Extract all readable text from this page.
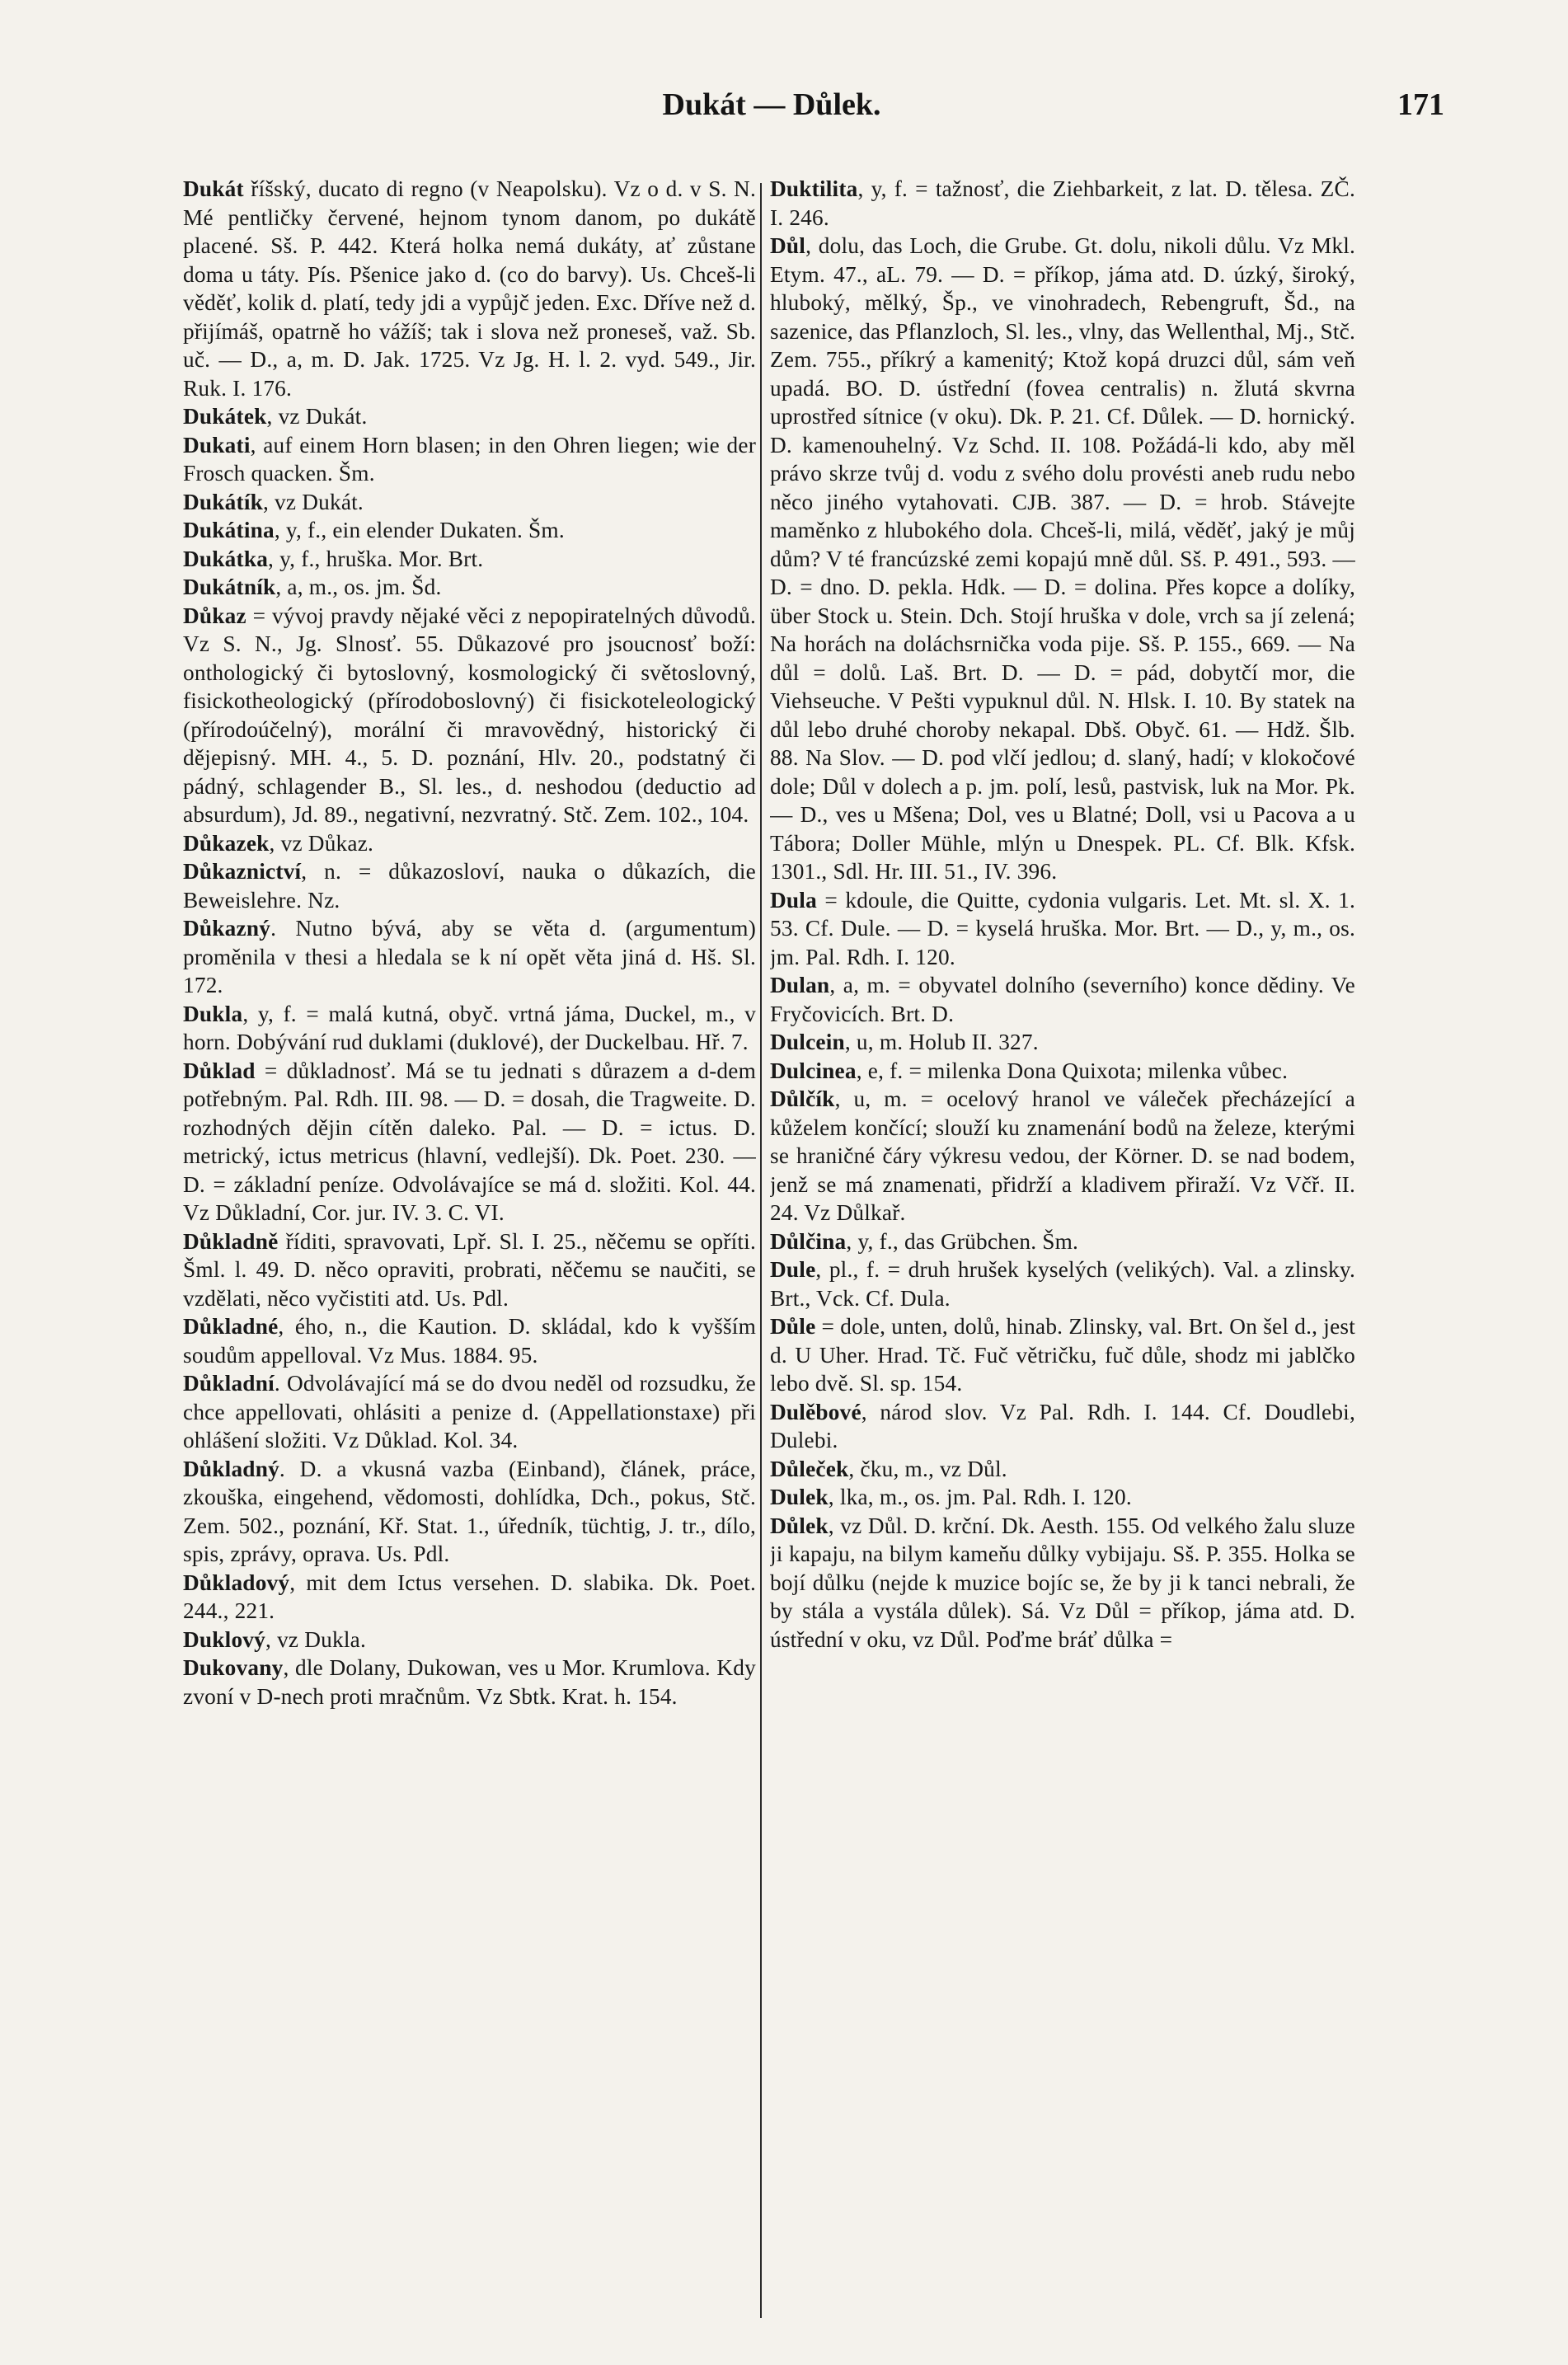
Dukát — Důlek.	171

Dukát říšský, ducato di regno (v Neapolsku). Vz o d. v S. N. Mé pentličky červené, hejnom tynom danom, po dukátě placené. Sš. P. 442. Která holka nemá dukáty, ať zůstane doma u táty. Pís. Pšenice jako d. (co do barvy). Us. Chceš-li věděť, kolik d. platí, tedy jdi a vypůjč jeden. Exc. Dříve než d. přijímáš, opatrně ho vážíš; tak i slova než proneseš, važ. Sb. uč. — D., a, m. D. Jak. 1725. Vz Jg. H. l. 2. vyd. 549., Jir. Ruk. I. 176.

Dukátek, vz Dukát.

Dukati, auf einem Horn blasen; in den Ohren liegen; wie der Frosch quacken. Šm.

Dukátík, vz Dukát.

Dukátina, y, f., ein elender Dukaten. Šm.

Dukátka, y, f., hruška. Mor. Brt.

Dukátník, a, m., os. jm. Šd.

Důkaz = vývoj pravdy nějaké věci z nepopiratelných důvodů. Vz S. N., Jg. Slnosť. 55. Důkazové pro jsoucnosť boží: onthologický či bytoslovný, kosmologický či světoslovný, fisickotheologický (přírodoboslovný) či fisickoteleologický (přírodoúčelný), morální či mravovědný, historický či dějepisný. MH. 4., 5. D. poznání, Hlv. 20., podstatný či pádný, schlagender B., Sl. les., d. neshodou (deductio ad absurdum), Jd. 89., negativní, nezvratný. Stč. Zem. 102., 104.

Důkazek, vz Důkaz.

Důkaznictví, n. = důkazosloví, nauka o důkazích, die Beweislehre. Nz.

Důkazný. Nutno bývá, aby se věta d. (argumentum) proměnila v thesi a hledala se k ní opět věta jiná d. Hš. Sl. 172.

Dukla, y, f. = malá kutná, obyč. vrtná jáma, Duckel, m., v horn. Dobývání rud duklami (duklové), der Duckelbau. Hř. 7.

Důklad = důkladnosť. Má se tu jednati s důrazem a d-dem potřebným. Pal. Rdh. III. 98. — D. = dosah, die Tragweite. D. rozhodných dějin cítěn daleko. Pal. — D. = ictus. D. metrický, ictus metricus (hlavní, vedlejší). Dk. Poet. 230. — D. = základní peníze. Odvolávajíce se má d. složiti. Kol. 44. Vz Důkladní, Cor. jur. IV. 3. C. VI.

Důkladně říditi, spravovati, Lpř. Sl. I. 25., něčemu se opříti. Šml. l. 49. D. něco opraviti, probrati, něčemu se naučiti, se vzdělati, něco vyčistiti atd. Us. Pdl.

Důkladné, ého, n., die Kaution. D. skládal, kdo k vyšším soudům appelloval. Vz Mus. 1884. 95.

Důkladní. Odvolávající má se do dvou neděl od rozsudku, že chce appellovati, ohlásiti a penize d. (Appellationstaxe) při ohlášení složiti. Vz Důklad. Kol. 34.

Důkladný. D. a vkusná vazba (Einband), článek, práce, zkouška, eingehend, vědomosti, dohlídka, Dch., pokus, Stč. Zem. 502., poznání, Kř. Stat. 1., úředník, tüchtig, J. tr., dílo, spis, zprávy, oprava. Us. Pdl.

Důkladový, mit dem Ictus versehen. D. slabika. Dk. Poet. 244., 221.

Duklový, vz Dukla.

Dukovany, dle Dolany, Dukowan, ves u Mor. Krumlova. Kdy zvoní v D-nech proti mračnům. Vz Sbtk. Krat. h. 154.

Duktilita, y, f. = tažnosť, die Ziehbarkeit, z lat. D. tělesa. ZČ. I. 246.

Důl, dolu, das Loch, die Grube. Gt. dolu, nikoli důlu. Vz Mkl. Etym. 47., aL. 79. — D. = příkop, jáma atd. D. úzký, široký, hluboký, mělký, Šp., ve vinohradech, Rebengruft, Šd., na sazenice, das Pflanzloch, Sl. les., vlny, das Wellenthal, Mj., Stč. Zem. 755., příkrý a kamenitý; Ktož kopá druzci důl, sám veň upadá. BO. D. ústřední (fovea centralis) n. žlutá skvrna uprostřed sítnice (v oku). Dk. P. 21. Cf. Důlek. — D. hornický. D. kamenouhelný. Vz Schd. II. 108. Požádá-li kdo, aby měl právo skrze tvůj d. vodu z svého dolu provésti aneb rudu nebo něco jiného vytahovati. CJB. 387. — D. = hrob. Stávejte maměnko z hlubokého dola. Chceš-li, milá, věděť, jaký je můj dům? V té francúzské zemi kopajú mně důl. Sš. P. 491., 593. — D. = dno. D. pekla. Hdk. — D. = dolina. Přes kopce a dolíky, über Stock u. Stein. Dch. Stojí hruška v dole, vrch sa jí zelená; Na horách na doláchsrnička voda pije. Sš. P. 155., 669. — Na důl = dolů. Laš. Brt. D. — D. = pád, dobytčí mor, die Viehseuche. V Pešti vypuknul důl. N. Hlsk. I. 10. By statek na důl lebo druhé choroby nekapal. Dbš. Obyč. 61. — Hdž. Šlb. 88. Na Slov. — D. pod vlčí jedlou; d. slaný, hadí; v klokočové dole; Důl v dolech a p. jm. polí, lesů, pastvisk, luk na Mor. Pk. — D., ves u Mšena; Dol, ves u Blatné; Doll, vsi u Pacova a u Tábora; Doller Mühle, mlýn u Dnespek. PL. Cf. Blk. Kfsk. 1301., Sdl. Hr. III. 51., IV. 396.

Dula = kdoule, die Quitte, cydonia vulgaris. Let. Mt. sl. X. 1. 53. Cf. Dule. — D. = kyselá hruška. Mor. Brt. — D., y, m., os. jm. Pal. Rdh. I. 120.

Dulan, a, m. = obyvatel dolního (severního) konce dědiny. Ve Fryčovicích. Brt. D.

Dulcein, u, m. Holub II. 327.

Dulcinea, e, f. = milenka Dona Quixota; milenka vůbec.

Důlčík, u, m. = ocelový hranol ve váleček přecházející a kůželem končící; slouží ku znamenání bodů na železe, kterými se hraničné čáry výkresu vedou, der Körner. D. se nad bodem, jenž se má znamenati, přidrží a kladivem přiraží. Vz Včř. II. 24. Vz Důlkař.

Důlčina, y, f., das Grübchen. Šm.

Dule, pl., f. = druh hrušek kyselých (velikých). Val. a zlinsky. Brt., Vck. Cf. Dula.

Důle = dole, unten, dolů, hinab. Zlinsky, val. Brt. On šel d., jest d. U Uher. Hrad. Tč. Fuč větričku, fuč důle, shodz mi jablčko lebo dvě. Sl. sp. 154.

Dulěbové, národ slov. Vz Pal. Rdh. I. 144. Cf. Doudlebi, Dulebi.

Důleček, čku, m., vz Důl.

Dulek, lka, m., os. jm. Pal. Rdh. I. 120.

Důlek, vz Důl. D. krční. Dk. Aesth. 155. Od velkého žalu sluze ji kapaju, na bilym kameňu důlky vybijaju. Sš. P. 355. Holka se bojí důlku (nejde k muzice bojíc se, že by ji k tanci nebrali, že by stála a vystála důlek). Sá. Vz Důl = příkop, jáma atd. D. ústřední v oku, vz Důl. Poďme bráť důlka =
